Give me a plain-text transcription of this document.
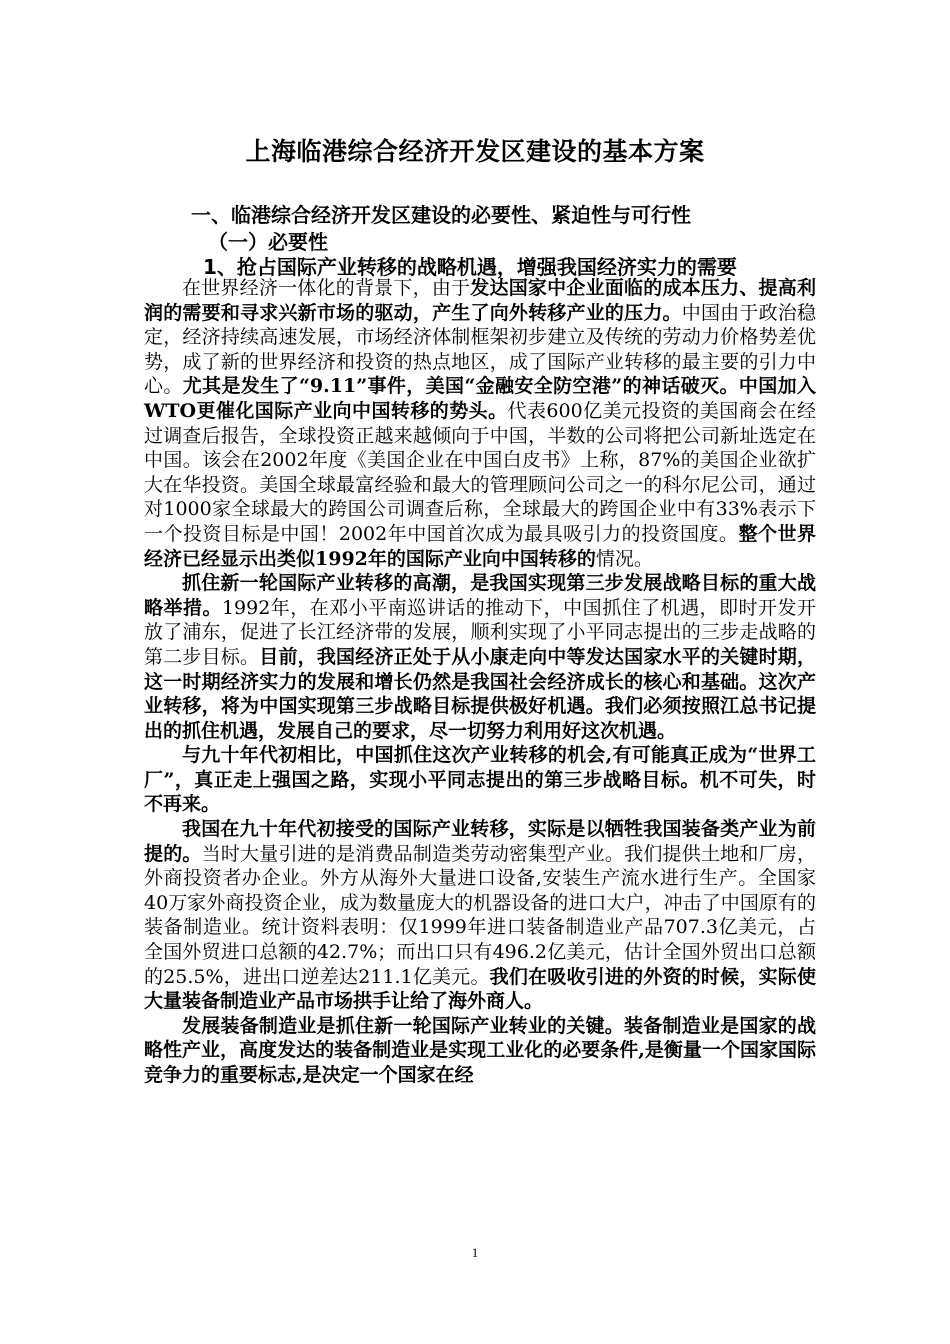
上海临港综合经济开发区建设的基本方案
一、临港综合经济开发区建设的必要性、紧迫性与可行性
（一）必要性
1、抢占国际产业转移的战略机遇，增强我国经济实力的需要

在世界经济一体化的背景下，由于发达国家中企业面临的成本压力、提高利润的需要和寻求兴新市场的驱动，产生了向外转移产业的压力。中国由于政治稳定，经济持续高速发展，市场经济体制框架初步建立及传统的劳动力价格势差优势，成了新的世界经济和投资的热点地区，成了国际产业转移的最主要的引力中心。尤其是发生了“9.11”事件，美国“金融安全防空港”的神话破灭。中国加入WTO更催化国际产业向中国转移的势头。代表600亿美元投资的美国商会在经过调查后报告，全球投资正越来越倾向于中国，半数的公司将把公司新址选定在中国。该会在2002年度《美国企业在中国白皮书》上称，87%的美国企业欲扩大在华投资。美国全球最富经验和最大的管理顾问公司之一的科尔尼公司，通过对1000家全球最大的跨国公司调查后称，全球最大的跨国企业中有33%表示下一个投资目标是中国！2002年中国首次成为最具吸引力的投资国度。整个世界经济已经显示出类似1992年的国际产业向中国转移的情况。

抓住新一轮国际产业转移的高潮，是我国实现第三步发展战略目标的重大战略举措。1992年，在邓小平南巡讲话的推动下，中国抓住了机遇，即时开发开放了浦东，促进了长江经济带的发展，顺利实现了小平同志提出的三步走战略的第二步目标。目前，我国经济正处于从小康走向中等发达国家水平的关键时期，这一时期经济实力的发展和增长仍然是我国社会经济成长的核心和基础。这次产业转移，将为中国实现第三步战略目标提供极好机遇。我们必须按照江总书记提出的抓住机遇，发展自己的要求，尽一切努力利用好这次机遇。

与九十年代初相比，中国抓住这次产业转移的机会,有可能真正成为“世界工厂”，真正走上强国之路，实现小平同志提出的第三步战略目标。机不可失，时不再来。

我国在九十年代初接受的国际产业转移，实际是以牺牲我国装备类产业为前提的。当时大量引进的是消费品制造类劳动密集型产业。我们提供土地和厂房，外商投资者办企业。外方从海外大量进口设备,安装生产流水进行生产。全国家40万家外商投资企业，成为数量庞大的机器设备的进口大户，冲击了中国原有的装备制造业。统计资料表明：仅1999年进口装备制造业产品707.3亿美元，占全国外贸进口总额的42.7%；而出口只有496.2亿美元，估计全国外贸出口总额的25.5%，进出口逆差达211.1亿美元。我们在吸收引进的外资的时候，实际使大量装备制造业产品市场拱手让给了海外商人。

发展装备制造业是抓住新一轮国际产业转业的关键。装备制造业是国家的战略性产业，高度发达的装备制造业是实现工业化的必要条件,是衡量一个国家国际竞争力的重要标志,是决定一个国家在经

1
